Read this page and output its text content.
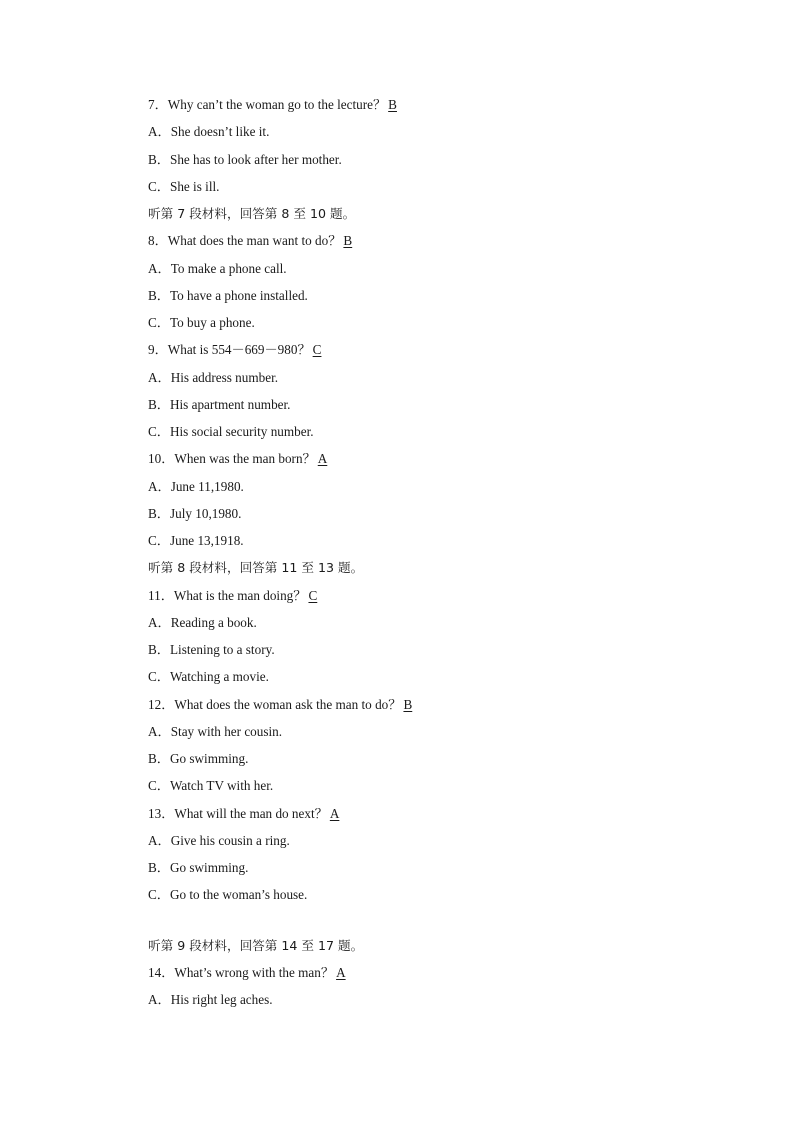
7．Why can’t the woman go to the lecture？ B
A．She doesn’t like it.
B．She has to look after her mother.
C．She is ill.
听第 7 段材料，回答第 8 至 10 题。
8．What does the man want to do？ B
A．To make a phone call.
B．To have a phone installed.
C．To buy a phone.
9．What is 554－669－980？ C
A．His address number.
B．His apartment number.
C．His social security number.
10．When was the man born？ A
A．June 11,1980.
B．July 10,1980.
C．June 13,1918.
听第 8 段材料，回答第 11 至 13 题。
11．What is the man doing？ C
A．Reading a book.
B．Listening to a story.
C．Watching a movie.
12．What does the woman ask the man to do？ B
A．Stay with her cousin.
B．Go swimming.
C．Watch TV with her.
13．What will the man do next？ A
A．Give his cousin a ring.
B．Go swimming.
C．Go to the woman’s house.
听第 9 段材料，回答第 14 至 17 题。
14．What’s wrong with the man？ A
A．His right leg aches.
